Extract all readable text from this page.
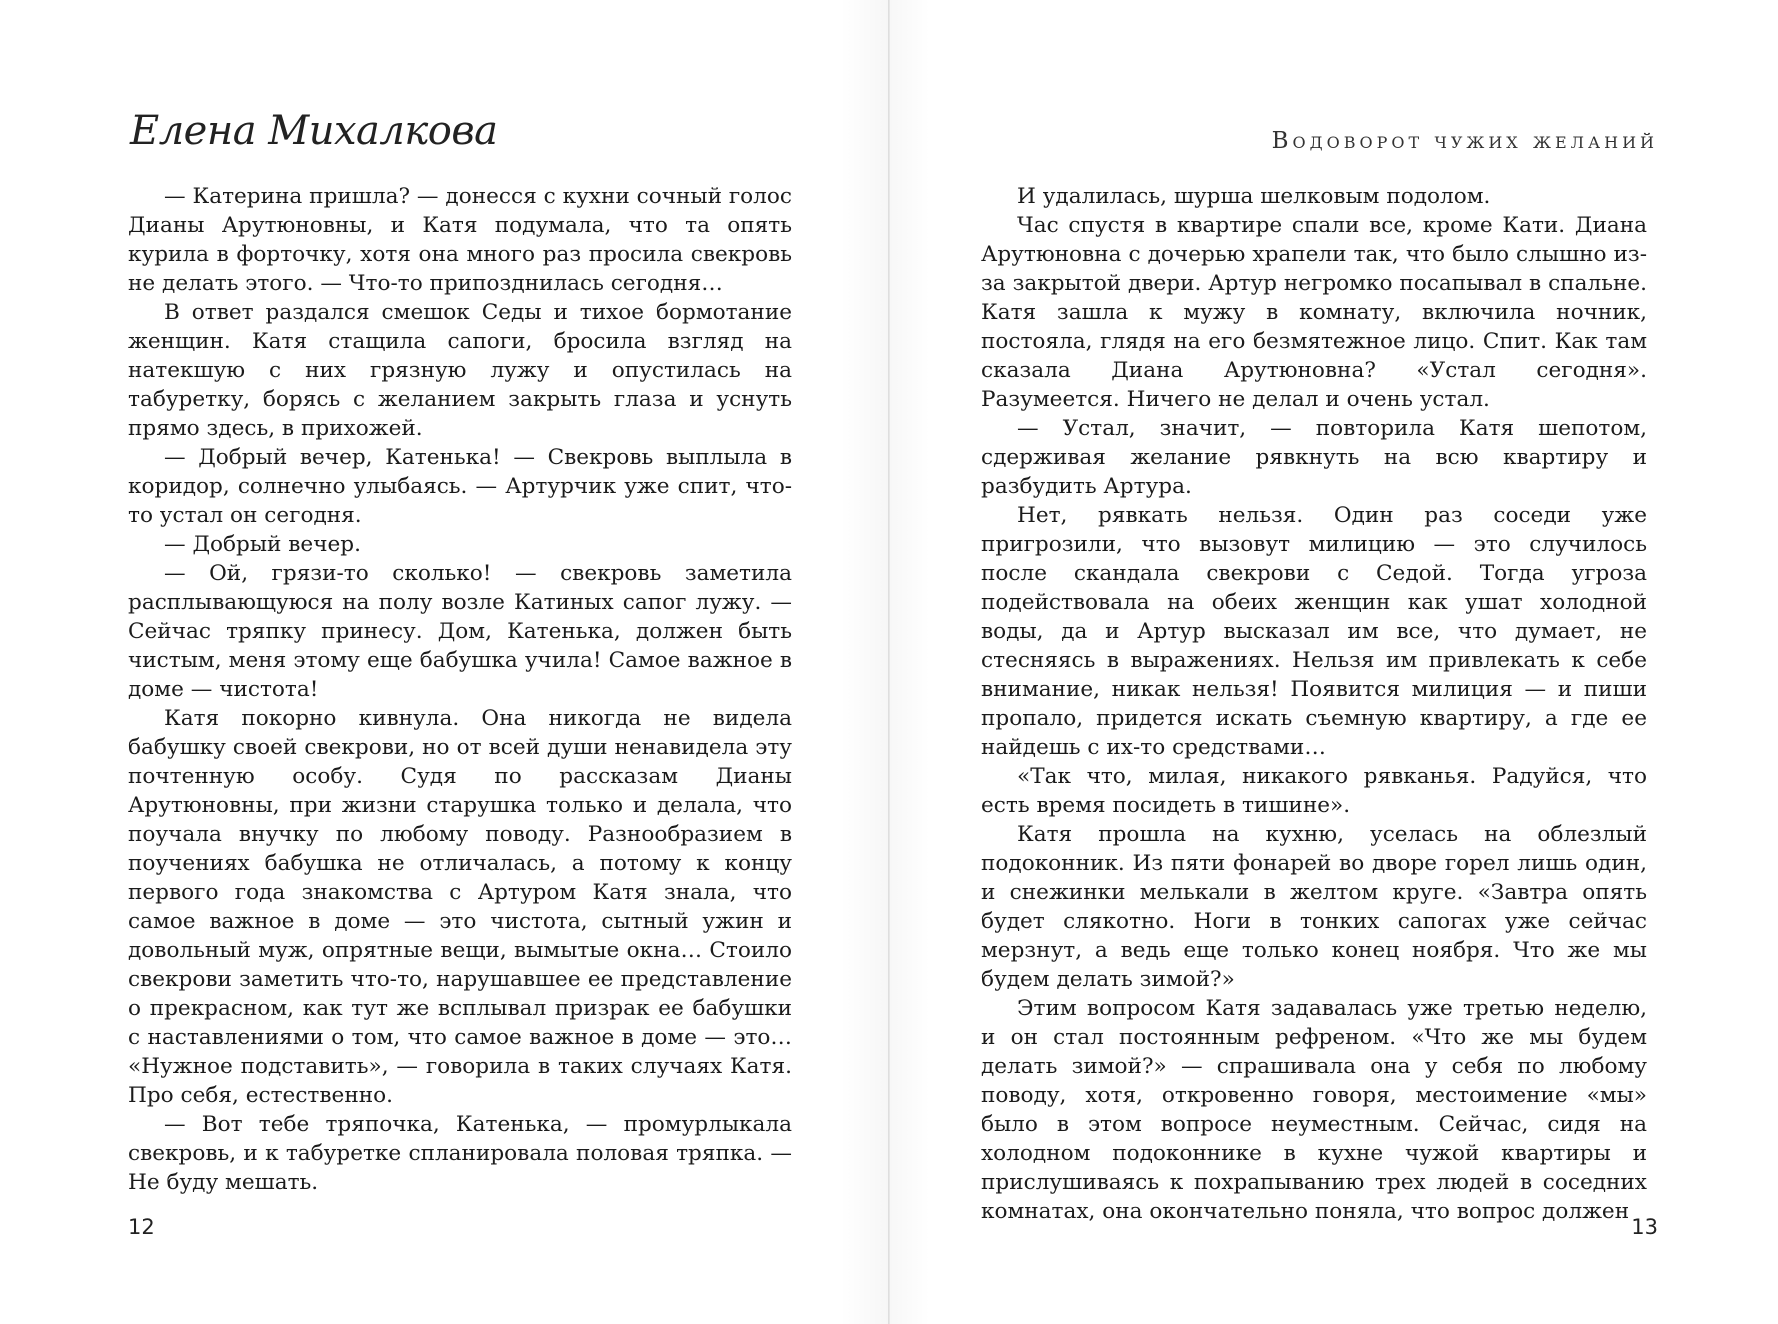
Елена Михалкова

— Катерина пришла? — донесся с кухни сочный голос Дианы Арутюновны, и Катя подумала, что та опять курила в форточку, хотя она много раз просила свекровь не делать этого. — Что-то припозднилась сегодня…

В ответ раздался смешок Седы и тихое бормотание женщин. Катя стащила сапоги, бросила взгляд на натекшую с них грязную лужу и опустилась на табуретку, борясь с желанием закрыть глаза и уснуть прямо здесь, в прихожей.

— Добрый вечер, Катенька! — Свекровь выплыла в коридор, солнечно улыбаясь. — Артурчик уже спит, что-то устал он сегодня.

— Добрый вечер.

— Ой, грязи-то сколько! — свекровь заметила расплывающуюся на полу возле Катиных сапог лужу. — Сейчас тряпку принесу. Дом, Катенька, должен быть чистым, меня этому еще бабушка учила! Самое важное в доме — чистота!

Катя покорно кивнула. Она никогда не видела бабушку своей свекрови, но от всей души ненавидела эту почтенную особу. Судя по рассказам Дианы Арутюновны, при жизни старушка только и делала, что поучала внучку по любому поводу. Разнообразием в поучениях бабушка не отличалась, а потому к концу первого года знакомства с Артуром Катя знала, что самое важное в доме — это чистота, сытный ужин и довольный муж, опрятные вещи, вымытые окна… Стоило свекрови заметить что-то, нарушавшее ее представление о прекрасном, как тут же всплывал призрак ее бабушки с наставлениями о том, что самое важное в доме — это… «Нужное подставить», — говорила в таких случаях Катя. Про себя, естественно.

— Вот тебе тряпочка, Катенька, — промурлыкала свекровь, и к табуретке спланировала половая тряпка. — Не буду мешать.

12
Водоворот чужих желаний

И удалилась, шурша шелковым подолом.

Час спустя в квартире спали все, кроме Кати. Диана Арутюновна с дочерью храпели так, что было слышно из-за закрытой двери. Артур негромко посапывал в спальне. Катя зашла к мужу в комнату, включила ночник, постояла, глядя на его безмятежное лицо. Спит. Как там сказала Диана Арутюновна? «Устал сегодня». Разумеется. Ничего не делал и очень устал.

— Устал, значит, — повторила Катя шепотом, сдерживая желание рявкнуть на всю квартиру и разбудить Артура.

Нет, рявкать нельзя. Один раз соседи уже пригрозили, что вызовут милицию — это случилось после скандала свекрови с Седой. Тогда угроза подействовала на обеих женщин как ушат холодной воды, да и Артур высказал им все, что думает, не стесняясь в выражениях. Нельзя им привлекать к себе внимание, никак нельзя! Появится милиция — и пиши пропало, придется искать съемную квартиру, а где ее найдешь с их-то средствами…

«Так что, милая, никакого рявканья. Радуйся, что есть время посидеть в тишине».

Катя прошла на кухню, уселась на облезлый подоконник. Из пяти фонарей во дворе горел лишь один, и снежинки мелькали в желтом круге. «Завтра опять будет слякотно. Ноги в тонких сапогах уже сейчас мерзнут, а ведь еще только конец ноября. Что же мы будем делать зимой?»

Этим вопросом Катя задавалась уже третью неделю, и он стал постоянным рефреном. «Что же мы будем делать зимой?» — спрашивала она у себя по любому поводу, хотя, откровенно говоря, местоимение «мы» было в этом вопросе неуместным. Сейчас, сидя на холодном подоконнике в кухне чужой квартиры и прислушиваясь к похрапыванию трех людей в соседних комнатах, она окончательно поняла, что вопрос должен

13
